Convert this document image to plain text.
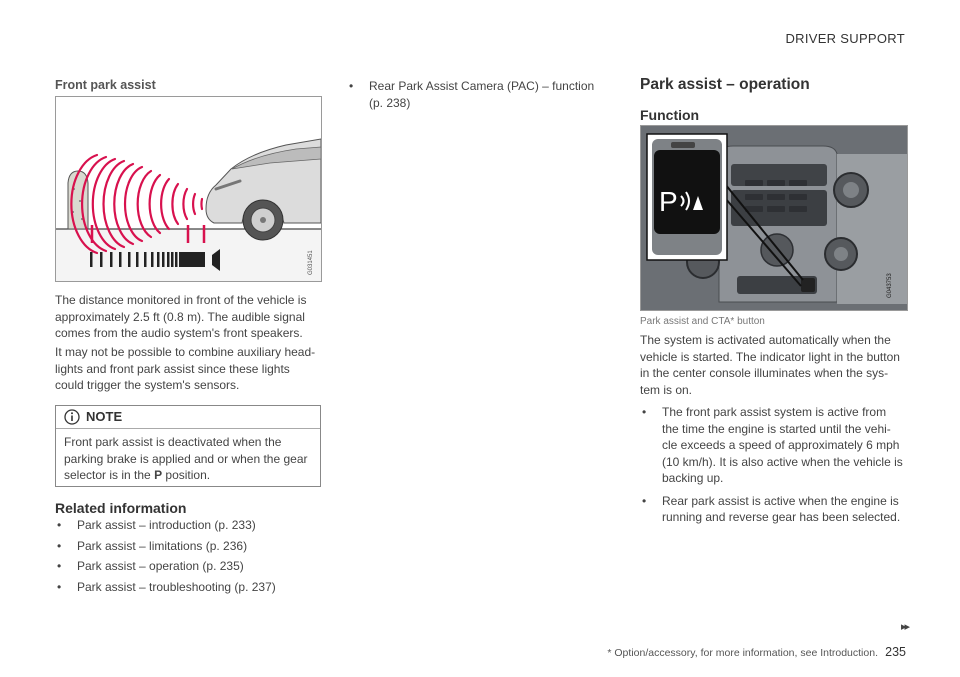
DRIVER SUPPORT
Front park assist
G031451
The distance monitored in front of the vehicle is approximately 2.5 ft (0.8 m). The audible signal comes from the audio system's front speakers.
It may not be possible to combine auxiliary head-lights and front park assist since these lights could trigger the system's sensors.
NOTE
Front park assist is deactivated when the parking brake is applied and or when the gear selector is in the P position.
Related information
•	Park assist – introduction (p. 233)
•	Park assist – limitations (p. 236)
•	Park assist – operation (p. 235)
•	Park assist – troubleshooting (p. 237)
•	Rear Park Assist Camera (PAC) – function (p. 238)
Park assist – operation
Function
P
G043753
Park assist and CTA* button
The system is activated automatically when the vehicle is started. The indicator light in the button in the center console illuminates when the sys-tem is on.
•	The front park assist system is active from the time the engine is started until the vehi-cle exceeds a speed of approximately 6 mph (10 km/h). It is also active when the vehicle is backing up.
•	Rear park assist is active when the engine is running and reverse gear has been selected.
▸▸
* Option/accessory, for more information, see Introduction. 235
